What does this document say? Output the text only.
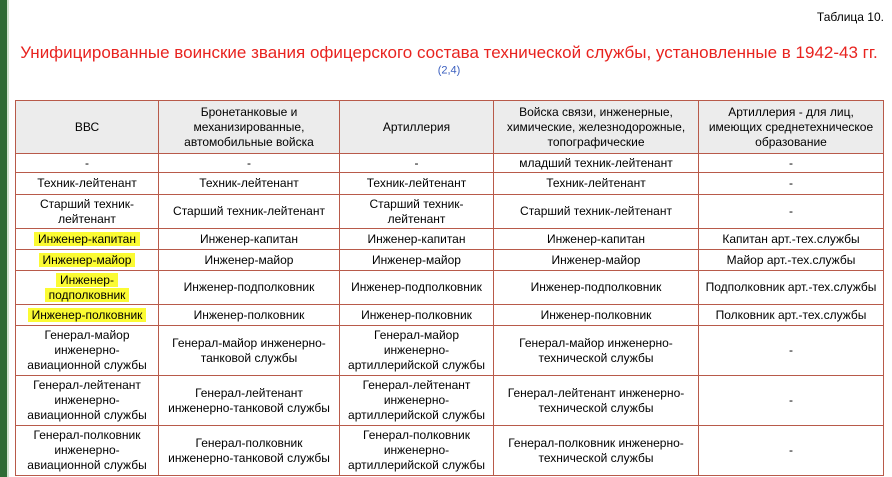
Таблица 10.
Унифицированные воинские звания офицерского состава технической службы, установленные в 1942-43 гг. $^{(2,4)}$
ВВС	Бронетанковые и механизированные, автомобильные войска	Артиллерия	Войска связи, инженерные, химические, железнодорожные, топографические	Артиллерия - для лиц, имеющих среднетехническое образование
-	-	-	младший техник-лейтенант	-
Техник-лейтенант	Техник-лейтенант	Техник-лейтенант	Техник-лейтенант	-
Старший техник-лейтенант	Старший техник-лейтенант	Старший техник-лейтенант	Старший техник-лейтенант	-
Инженер-капитан	Инженер-капитан	Инженер-капитан	Инженер-капитан	Капитан арт.-тех.службы
Инженер-майор	Инженер-майор	Инженер-майор	Инженер-майор	Майор арт.-тех.службы
Инженер-подполковник	Инженер-подполковник	Инженер-подполковник	Инженер-подполковник	Подполковник арт.-тех.службы
Инженер-полковник	Инженер-полковник	Инженер-полковник	Инженер-полковник	Полковник арт.-тех.службы
Генерал-майор инженерно-авиационной службы	Генерал-майор инженерно-танковой службы	Генерал-майор инженерно-артиллерийской службы	Генерал-майор инженерно-технической службы	-
Генерал-лейтенант инженерно-авиационной службы	Генерал-лейтенант инженерно-танковой службы	Генерал-лейтенант инженерно-артиллерийской службы	Генерал-лейтенант инженерно-технической службы	-
Генерал-полковник инженерно-авиационной службы	Генерал-полковник инженерно-танковой службы	Генерал-полковник инженерно-артиллерийской службы	Генерал-полковник инженерно-технической службы	-
